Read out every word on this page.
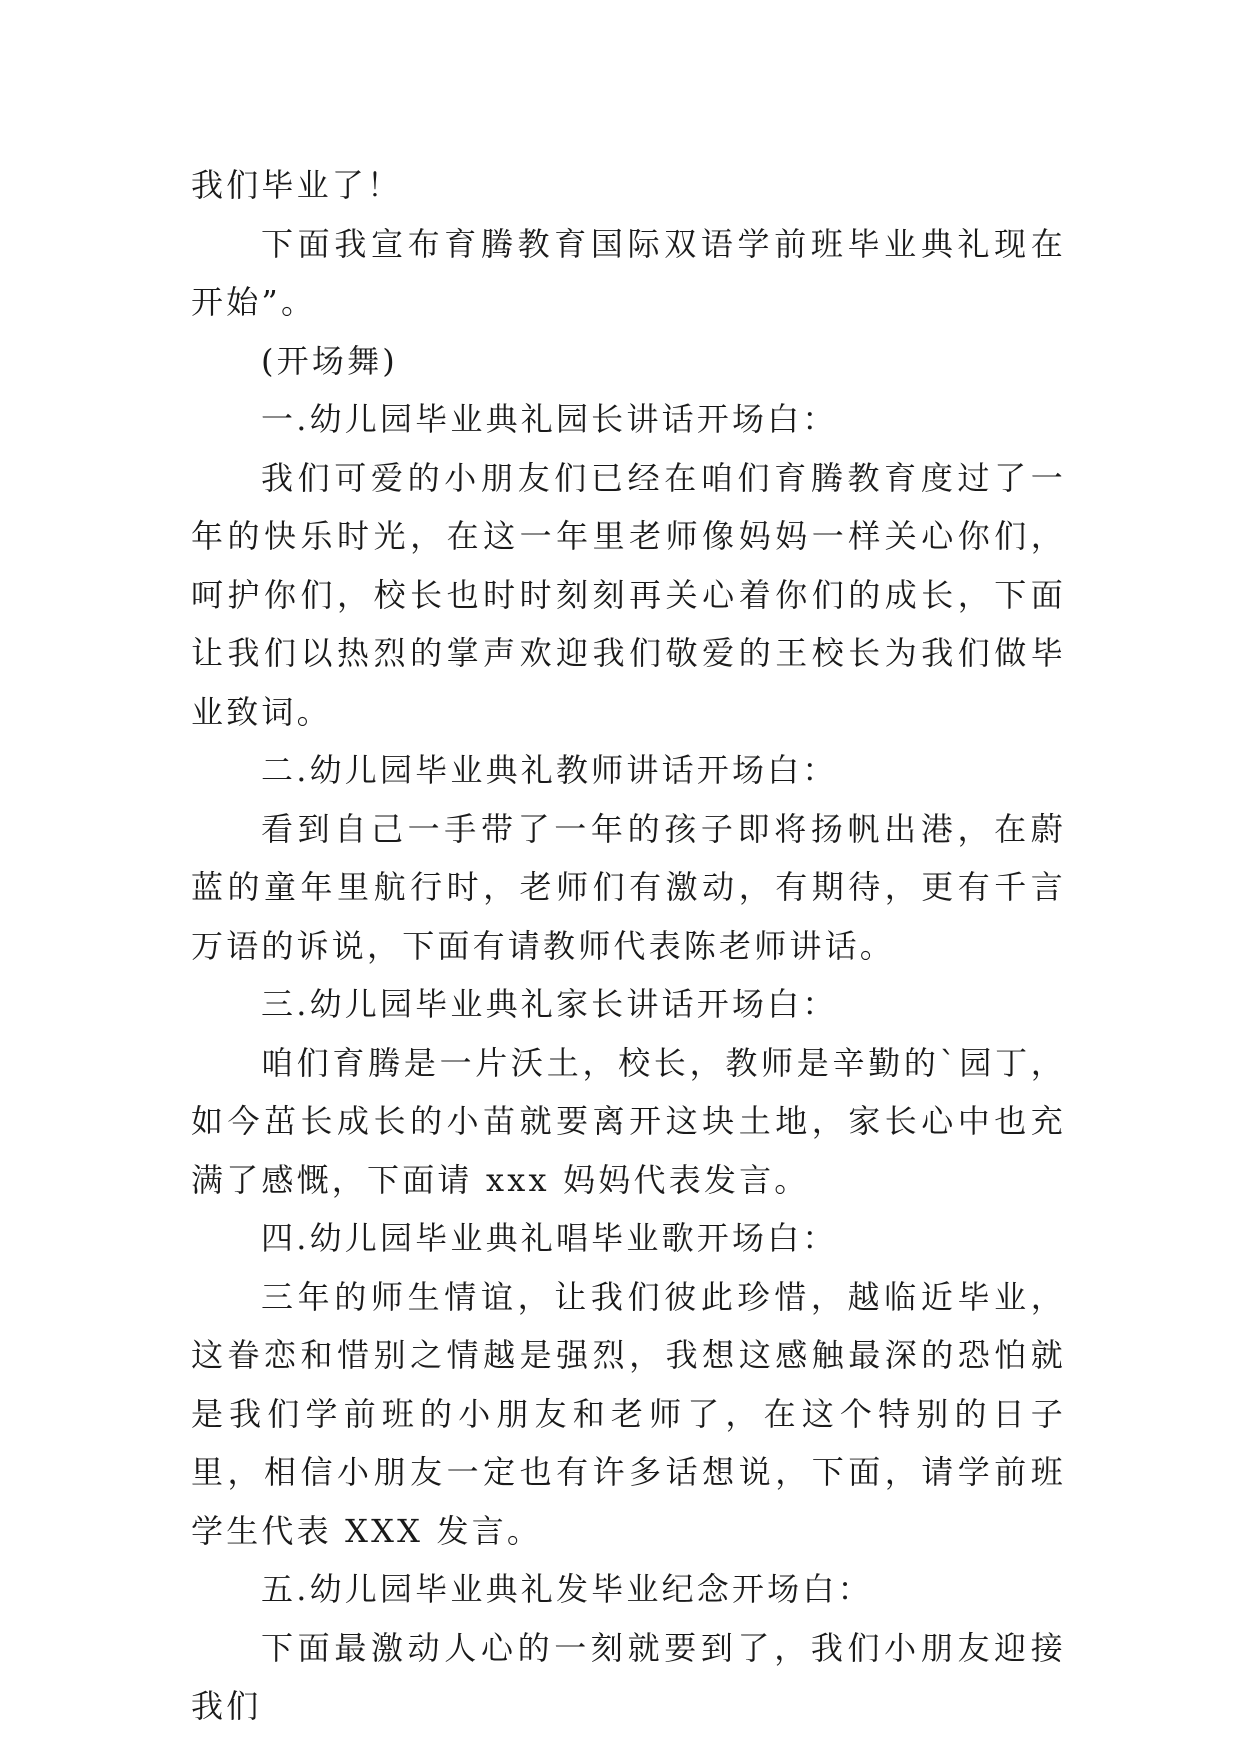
我们毕业了！

下面我宣布育腾教育国际双语学前班毕业典礼现在开始”。

(开场舞)

一.幼儿园毕业典礼园长讲话开场白：

我们可爱的小朋友们已经在咱们育腾教育度过了一年的快乐时光，在这一年里老师像妈妈一样关心你们，呵护你们，校长也时时刻刻再关心着你们的成长，下面让我们以热烈的掌声欢迎我们敬爱的王校长为我们做毕业致词。

二.幼儿园毕业典礼教师讲话开场白：

看到自己一手带了一年的孩子即将扬帆出港，在蔚蓝的童年里航行时，老师们有激动，有期待，更有千言万语的诉说，下面有请教师代表陈老师讲话。

三.幼儿园毕业典礼家长讲话开场白：

咱们育腾是一片沃土，校长，教师是辛勤的`园丁，如今茁长成长的小苗就要离开这块土地，家长心中也充满了感慨，下面请 xxx 妈妈代表发言。

四.幼儿园毕业典礼唱毕业歌开场白：

三年的师生情谊，让我们彼此珍惜，越临近毕业，这眷恋和惜别之情越是强烈，我想这感触最深的恐怕就是我们学前班的小朋友和老师了，在这个特别的日子里，相信小朋友一定也有许多话想说，下面，请学前班学生代表 XXX 发言。

五.幼儿园毕业典礼发毕业纪念开场白：

下面最激动人心的一刻就要到了，我们小朋友迎接我们
